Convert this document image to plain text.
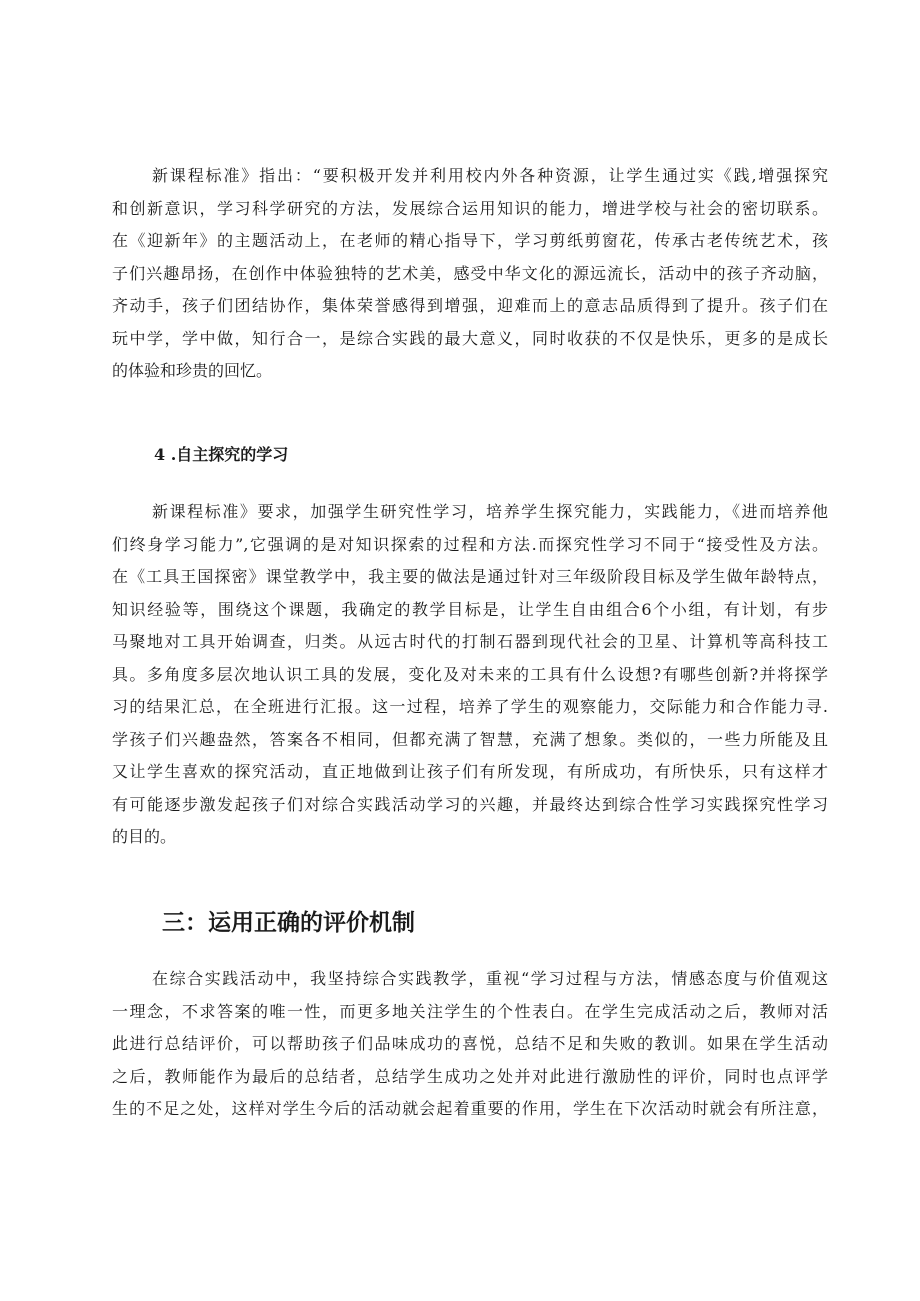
新课程标准》指出：“要积极开发并利用校内外各种资源，让学生通过实《践,增强探究
和创新意识，学习科学研究的方法，发展综合运用知识的能力，增进学校与社会的密切联系。
在《迎新年》的主题活动上，在老师的精心指导下，学习剪纸剪窗花，传承古老传统艺术，孩
子们兴趣昂扬，在创作中体验独特的艺术美，感受中华文化的源远流长，活动中的孩子齐动脑，
齐动手，孩子们团结协作，集体荣誉感得到增强，迎难而上的意志品质得到了提升。孩子们在
玩中学，学中做，知行合一，是综合实践的最大意义，同时收获的不仅是快乐，更多的是成长
的体验和珍贵的回忆。
4 .自主探究的学习
新课程标准》要求，加强学生研究性学习，培养学生探究能力，实践能力，《进而培养他
们终身学习能力”,它强调的是对知识探索的过程和方法.而探究性学习不同于“接受性及方法。
在《工具王国探密》课堂教学中，我主要的做法是通过针对三年级阶段目标及学生做年龄特点，
知识经验等，围绕这个课题，我确定的教学目标是，让学生自由组合6个小组，有计划，有步
马聚地对工具开始调查，归类。从远古时代的打制石器到现代社会的卫星、计算机等高科技工
具。多角度多层次地认识工具的发展，变化及对未来的工具有什么设想?有哪些创新?并将探学
习的结果汇总，在全班进行汇报。这一过程，培养了学生的观察能力，交际能力和合作能力寻.
学孩子们兴趣盎然，答案各不相同，但都充满了智慧，充满了想象。类似的，一些力所能及且
又让学生喜欢的探究活动，直正地做到让孩子们有所发现，有所成功，有所快乐，只有这样才
有可能逐步激发起孩子们对综合实践活动学习的兴趣，并最终达到综合性学习实践探究性学习
的目的。
三：运用正确的评价机制
在综合实践活动中，我坚持综合实践教学，重视“学习过程与方法，情感态度与价值观这
一理念，不求答案的唯一性，而更多地关注学生的个性表白。在学生完成活动之后，教师对活
此进行总结评价，可以帮助孩子们品味成功的喜悦，总结不足和失败的教训。如果在学生活动
之后，教师能作为最后的总结者，总结学生成功之处并对此进行激励性的评价，同时也点评学
生的不足之处，这样对学生今后的活动就会起着重要的作用，学生在下次活动时就会有所注意，
